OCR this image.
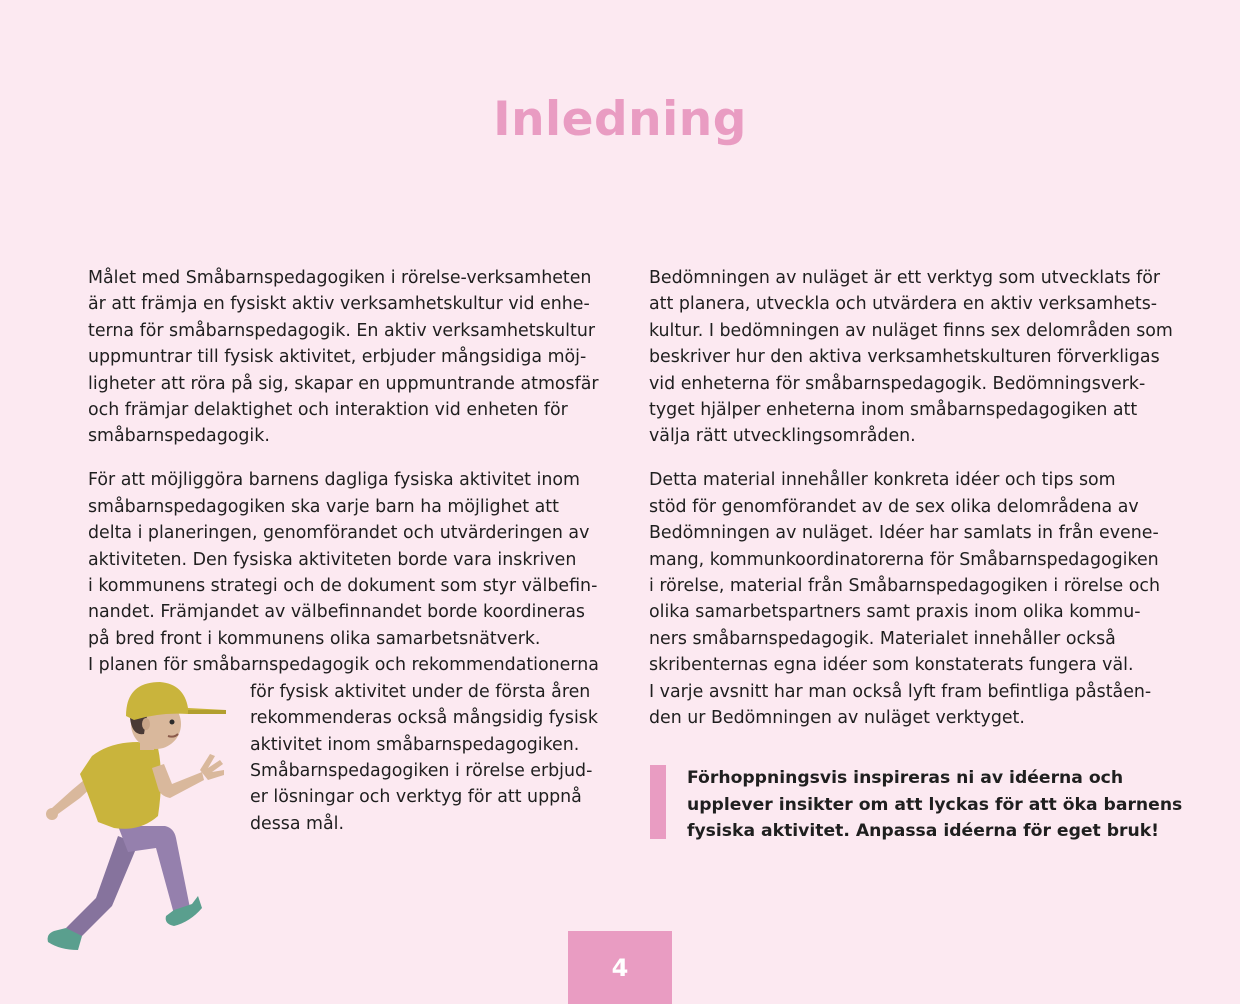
Inledning

Målet med Småbarnspedagogiken i rörelse-verksamheten
är att främja en fysiskt aktiv verksamhetskultur vid enhe-
terna för småbarnspedagogik. En aktiv verksamhetskultur
uppmuntrar till fysisk aktivitet, erbjuder mångsidiga möj-
ligheter att röra på sig, skapar en uppmuntrande atmosfär
och främjar delaktighet och interaktion vid enheten för
småbarnspedagogik.

För att möjliggöra barnens dagliga fysiska aktivitet inom
småbarnspedagogiken ska varje barn ha möjlighet att
delta i planeringen, genomförandet och utvärderingen av
aktiviteten. Den fysiska aktiviteten borde vara inskriven
i kommunens strategi och de dokument som styr välbefin-
nandet. Främjandet av välbefinnandet borde koordineras
på bred front i kommunens olika samarbetsnätverk.
I planen för småbarnspedagogik och rekommendationerna
för fysisk aktivitet under de första åren
rekommenderas också mångsidig fysisk
aktivitet inom småbarnspedagogiken.
Småbarnspedagogiken i rörelse erbjud-
er lösningar och verktyg för att uppnå
dessa mål.

Bedömningen av nuläget är ett verktyg som utvecklats för
att planera, utveckla och utvärdera en aktiv verksamhets-
kultur. I bedömningen av nuläget finns sex delområden som
beskriver hur den aktiva verksamhetskulturen förverkligas
vid enheterna för småbarnspedagogik. Bedömningsverk-
tyget hjälper enheterna inom småbarnspedagogiken att
välja rätt utvecklingsområden.

Detta material innehåller konkreta idéer och tips som
stöd för genomförandet av de sex olika delområdena av
Bedömningen av nuläget. Idéer har samlats in från evene-
mang, kommunkoordinatorerna för Småbarnspedagogiken
i rörelse, material från Småbarnspedagogiken i rörelse och
olika samarbetspartners samt praxis inom olika kommu-
ners småbarnspedagogik. Materialet innehåller också
skribenternas egna idéer som konstaterats fungera väl.
I varje avsnitt har man också lyft fram befintliga påståen-
den ur Bedömningen av nuläget verktyget.

Förhoppningsvis inspireras ni av idéerna och
upplever insikter om att lyckas för att öka barnens
fysiska aktivitet. Anpassa idéerna för eget bruk!

4
